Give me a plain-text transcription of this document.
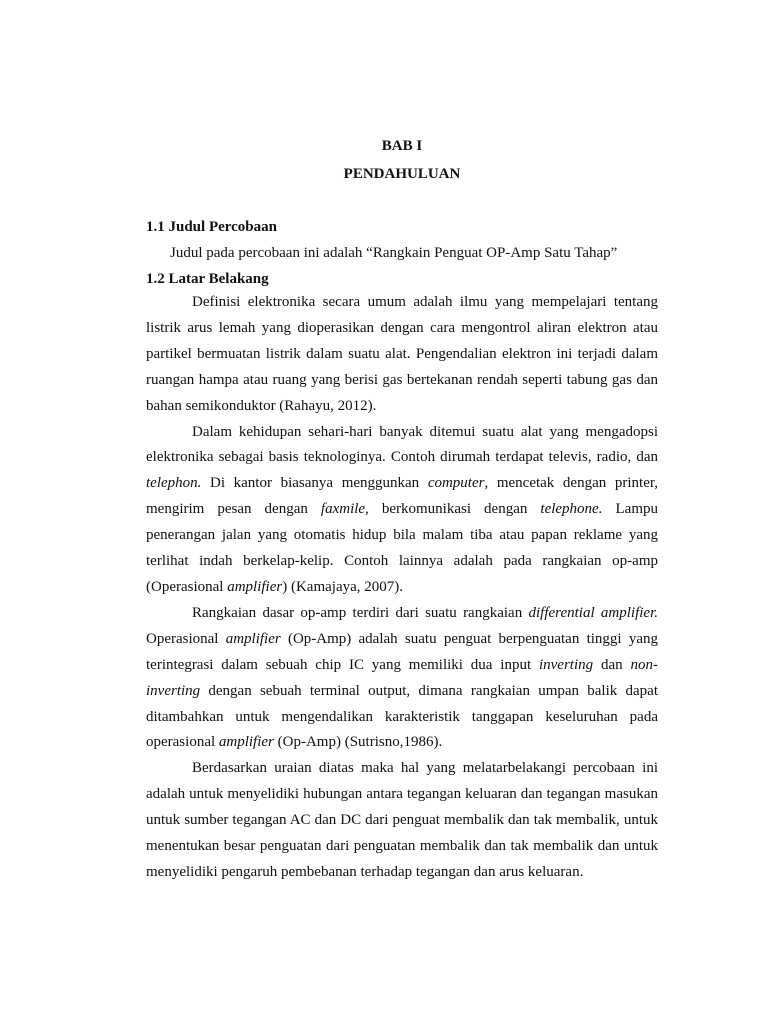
BAB I
PENDAHULUAN
1.1 Judul Percobaan
Judul pada percobaan ini adalah “Rangkain Penguat OP-Amp Satu Tahap”
1.2 Latar Belakang

Definisi elektronika secara umum adalah ilmu yang mempelajari tentang listrik arus lemah yang dioperasikan dengan cara mengontrol aliran elektron atau partikel bermuatan listrik dalam suatu alat. Pengendalian elektron ini terjadi dalam ruangan hampa atau ruang yang berisi gas bertekanan rendah seperti tabung gas dan bahan semikonduktor (Rahayu, 2012).

Dalam kehidupan sehari-hari banyak ditemui suatu alat yang mengadopsi elektronika sebagai basis teknologinya. Contoh dirumah terdapat televis, radio, dan telephon. Di kantor biasanya menggunkan computer, mencetak dengan printer, mengirim pesan dengan faxmile, berkomunikasi dengan telephone. Lampu penerangan jalan yang otomatis hidup bila malam tiba atau papan reklame yang terlihat indah berkelap-kelip. Contoh lainnya adalah pada rangkaian op-amp (Operasional amplifier) (Kamajaya, 2007).

Rangkaian dasar op-amp terdiri dari suatu rangkaian differential amplifier. Operasional amplifier (Op-Amp) adalah suatu penguat berpenguatan tinggi yang terintegrasi dalam sebuah chip IC yang memiliki dua input inverting dan non-inverting dengan sebuah terminal output, dimana rangkaian umpan balik dapat ditambahkan untuk mengendalikan karakteristik tanggapan keseluruhan pada operasional amplifier (Op-Amp) (Sutrisno,1986).

Berdasarkan uraian diatas maka hal yang melatarbelakangi percobaan ini adalah untuk menyelidiki hubungan antara tegangan keluaran dan tegangan masukan untuk sumber tegangan AC dan DC dari penguat membalik dan tak membalik, untuk menentukan besar penguatan dari penguatan membalik dan tak membalik dan untuk menyelidiki pengaruh pembebanan terhadap tegangan dan arus keluaran.
